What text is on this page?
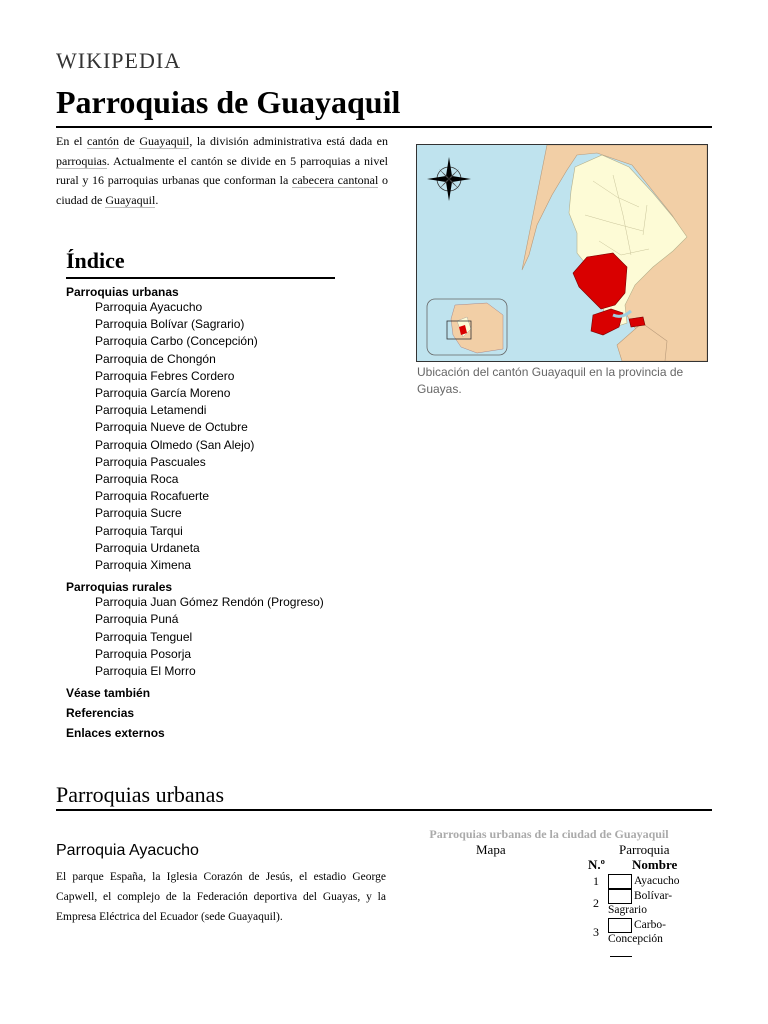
WIKIPEDIA
Parroquias de Guayaquil
En el cantón de Guayaquil, la división administrativa está dada en parroquias. Actualmente el cantón se divide en 5 parroquias a nivel rural y 16 parroquias urbanas que conforman la cabecera cantonal o ciudad de Guayaquil.
Ubicación del cantón Guayaquil en la provincia de Guayas.
Índice
Parroquias urbanas
Parroquia Ayacucho
Parroquia Bolívar (Sagrario)
Parroquia Carbo (Concepción)
Parroquia de Chongón
Parroquia Febres Cordero
Parroquia García Moreno
Parroquia Letamendi
Parroquia Nueve de Octubre
Parroquia Olmedo (San Alejo)
Parroquia Pascuales
Parroquia Roca
Parroquia Rocafuerte
Parroquia Sucre
Parroquia Tarqui
Parroquia Urdaneta
Parroquia Ximena
Parroquias rurales
Parroquia Juan Gómez Rendón (Progreso)
Parroquia Puná
Parroquia Tenguel
Parroquia Posorja
Parroquia El Morro
Véase también
Referencias
Enlaces externos
Parroquias urbanas
Parroquia Ayacucho
El parque España, la Iglesia Corazón de Jesús, el estadio George Capwell, el complejo de la Federación deportiva del Guayas, y la Empresa Eléctrica del Ecuador (sede Guayaquil).
Parroquias urbanas de la ciudad de Guayaquil
Mapa	Parroquia
N.º Nombre
1	Ayacucho
2	Bolívar-Sagrario
3	Carbo-Concepción
